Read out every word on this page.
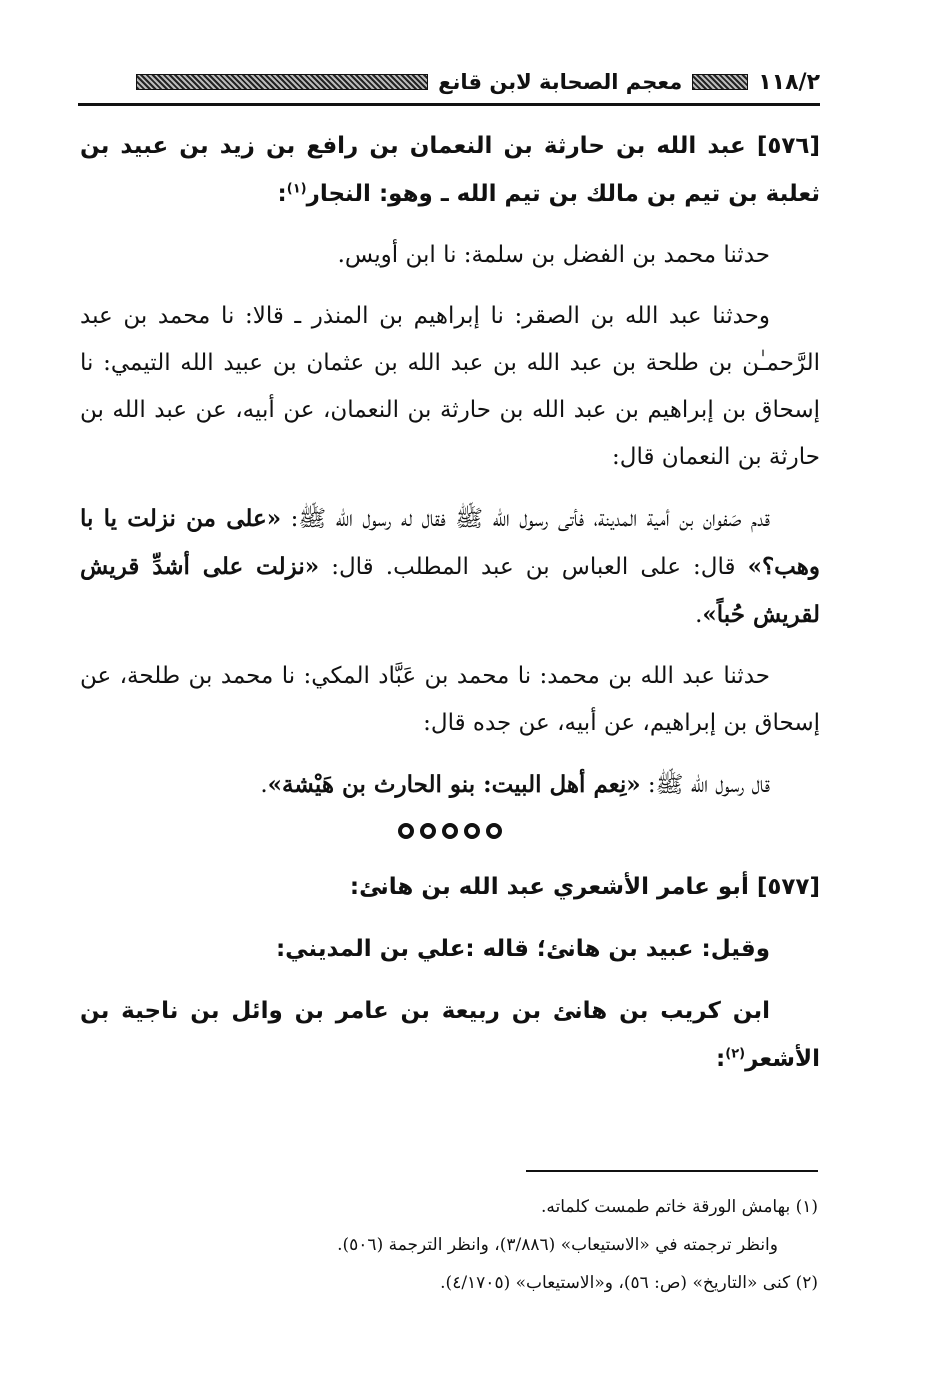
١١٨/٢
معجم الصحابة لابن قانع

[٥٧٦] عبد الله بن حارثة بن النعمان بن رافع بن زيد بن عبيد بن ثعلبة بن تيم بن مالك بن تيم الله ـ وهو: النجار$^{(١)}$:

حدثنا محمد بن الفضل بن سلمة: نا ابن أويس.

وحدثنا عبد الله بن الصقر: نا إبراهيم بن المنذر ـ قالا: نا محمد بن عبد الرَّحمـٰن بن طلحة بن عبد الله بن عبد الله بن عثمان بن عبيد الله التيمي: نا إسحاق بن إبراهيم بن عبد الله بن حارثة بن النعمان، عن أبيه، عن عبد الله بن حارثة بن النعمان قال:

قدم صَفوان بن أمية المدينة، فأتى رسول الله ﷺ فقال له رسول الله ﷺ: «على من نزلت يا با وهب؟» قال: على العباس بن عبد المطلب. قال: «نزلت على أشدِّ قريش لقريش حُباً».

حدثنا عبد الله بن محمد: نا محمد بن عَبَّاد المكي: نا محمد بن طلحة، عن إسحاق بن إبراهيم، عن أبيه، عن جده قال:

قال رسول الله ﷺ: «نِعم أهل البيت: بنو الحارث بن هَيْشة».

[٥٧٧] أبو عامر الأشعري عبد الله بن هانئ:

وقيل: عبيد بن هانئ؛ قاله :علي بن المديني:

ابن كريب بن هانئ بن ربيعة بن عامر بن وائل بن ناجية بن الأشعر$^{(٢)}$:

(١) بهامش الورقة خاتم طمست كلماته.

وانظر ترجمته في «الاستيعاب» (٣/٨٨٦)، وانظر الترجمة (٥٠٦).

(٢) كنى «التاريخ» (ص: ٥٦)، و«الاستيعاب» (٤/١٧٠٥).
